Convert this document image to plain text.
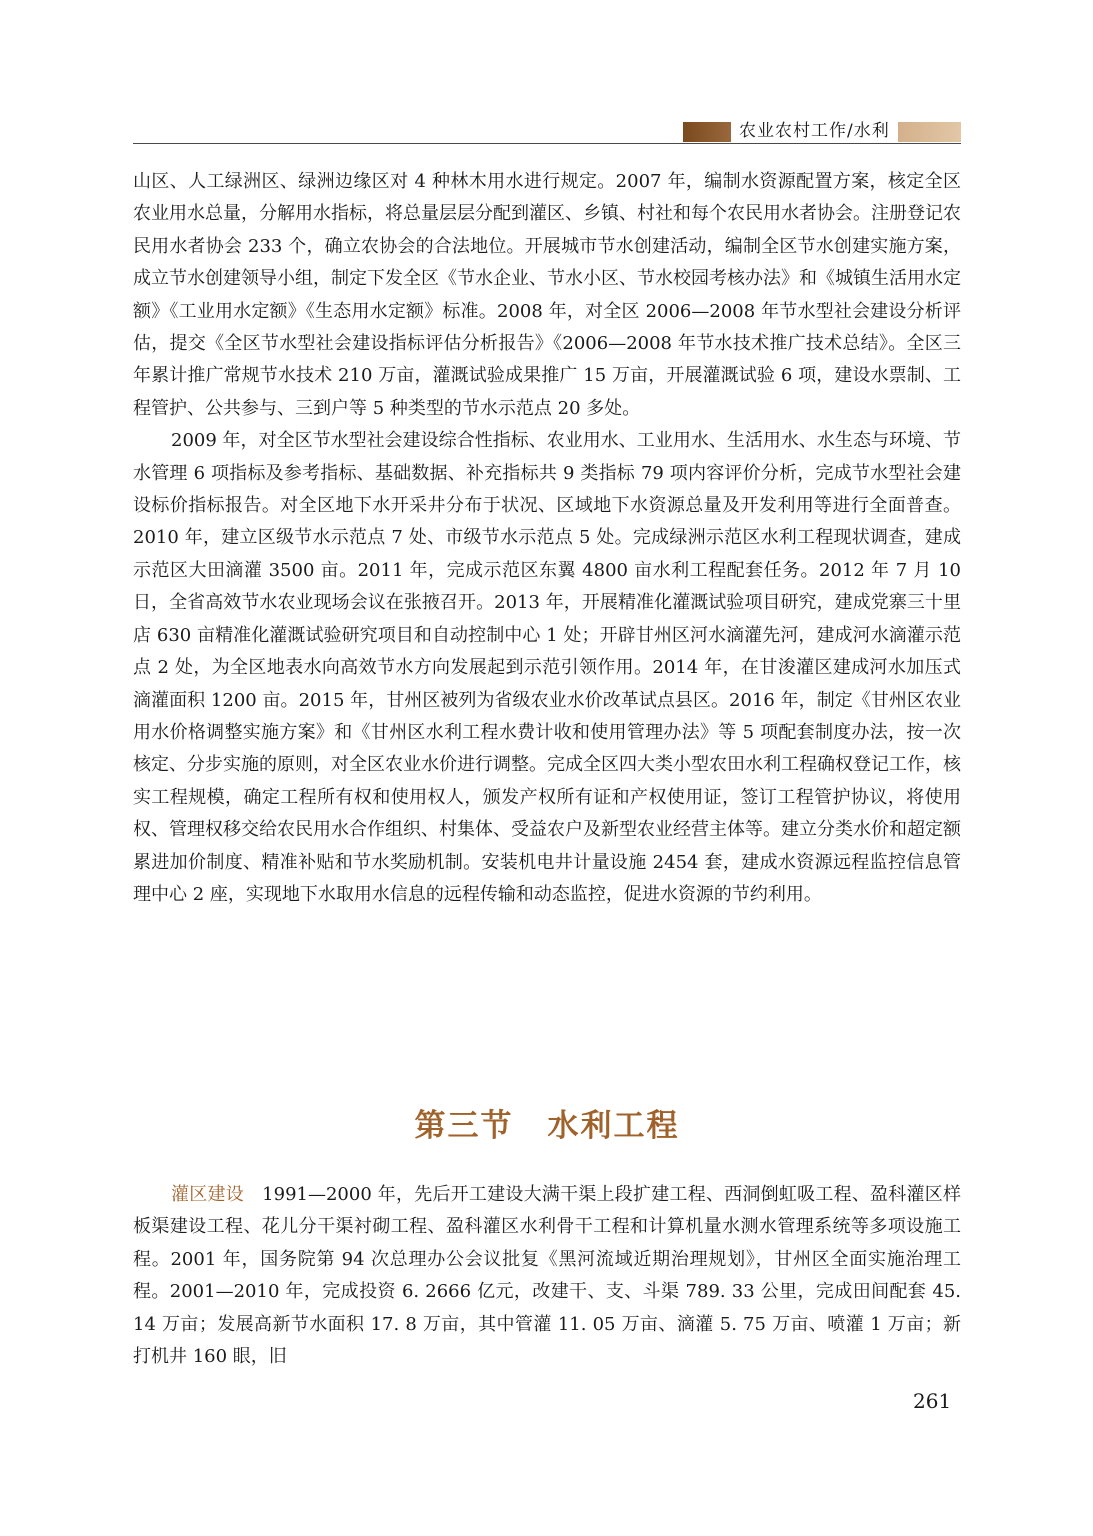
农业农村工作/水利

山区、人工绿洲区、绿洲边缘区对 4 种林木用水进行规定。2007 年，编制水资源配置方案，核定全区农业用水总量，分解用水指标，将总量层层分配到灌区、乡镇、村社和每个农民用水者协会。注册登记农民用水者协会 233 个，确立农协会的合法地位。开展城市节水创建活动，编制全区节水创建实施方案，成立节水创建领导小组，制定下发全区《节水企业、节水小区、节水校园考核办法》和《城镇生活用水定额》《工业用水定额》《生态用水定额》标准。2008 年，对全区 2006—2008 年节水型社会建设分析评估，提交《全区节水型社会建设指标评估分析报告》《2006—2008 年节水技术推广技术总结》。全区三年累计推广常规节水技术 210 万亩，灌溉试验成果推广 15 万亩，开展灌溉试验 6 项，建设水票制、工程管护、公共参与、三到户等 5 种类型的节水示范点 20 多处。

2009 年，对全区节水型社会建设综合性指标、农业用水、工业用水、生活用水、水生态与环境、节水管理 6 项指标及参考指标、基础数据、补充指标共 9 类指标 79 项内容评价分析，完成节水型社会建设标价指标报告。对全区地下水开采井分布于状况、区域地下水资源总量及开发利用等进行全面普查。2010 年，建立区级节水示范点 7 处、市级节水示范点 5 处。完成绿洲示范区水利工程现状调查，建成示范区大田滴灌 3500 亩。2011 年，完成示范区东翼 4800 亩水利工程配套任务。2012 年 7 月 10 日，全省高效节水农业现场会议在张掖召开。2013 年，开展精准化灌溉试验项目研究，建成党寨三十里店 630 亩精准化灌溉试验研究项目和自动控制中心 1 处；开辟甘州区河水滴灌先河，建成河水滴灌示范点 2 处，为全区地表水向高效节水方向发展起到示范引领作用。2014 年，在甘浚灌区建成河水加压式滴灌面积 1200 亩。2015 年，甘州区被列为省级农业水价改革试点县区。2016 年，制定《甘州区农业用水价格调整实施方案》和《甘州区水利工程水费计收和使用管理办法》等 5 项配套制度办法，按一次核定、分步实施的原则，对全区农业水价进行调整。完成全区四大类小型农田水利工程确权登记工作，核实工程规模，确定工程所有权和使用权人，颁发产权所有证和产权使用证，签订工程管护协议，将使用权、管理权移交给农民用水合作组织、村集体、受益农户及新型农业经营主体等。建立分类水价和超定额累进加价制度、精准补贴和节水奖励机制。安装机电井计量设施 2454 套，建成水资源远程监控信息管理中心 2 座，实现地下水取用水信息的远程传输和动态监控，促进水资源的节约利用。

第三节 水利工程

灌区建设　 1991—2000 年，先后开工建设大满干渠上段扩建工程、西洞倒虹吸工程、盈科灌区样板渠建设工程、花儿分干渠衬砌工程、盈科灌区水利骨干工程和计算机量水测水管理系统等多项设施工程。2001 年，国务院第 94 次总理办公会议批复《黑河流域近期治理规划》，甘州区全面实施治理工程。2001—2010 年，完成投资 6. 2666 亿元，改建干、支、斗渠 789. 33 公里，完成田间配套 45. 14 万亩；发展高新节水面积 17. 8 万亩，其中管灌 11. 05 万亩、滴灌 5. 75 万亩、喷灌 1 万亩；新打机井 160 眼，旧

261
